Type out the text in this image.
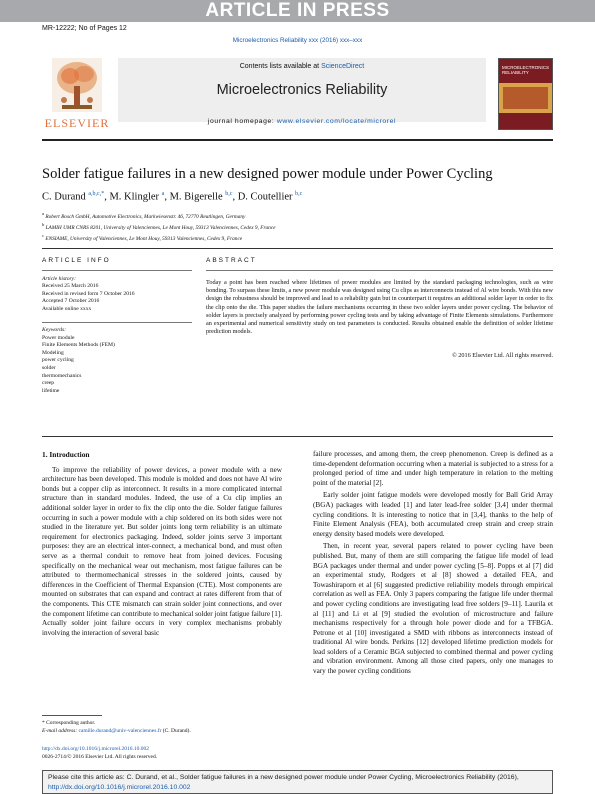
ARTICLE IN PRESS
MR-12222; No of Pages 12
Microelectronics Reliability xxx (2016) xxx–xxx
ELSEVIER
Contents lists available at ScienceDirect
Microelectronics Reliability
journal homepage: www.elsevier.com/locate/microrel
MICROELECTRONICS RELIABILITY
Solder fatigue failures in a new designed power module under Power Cycling
C. Durand $^{a,b,c,*}$, M. Klingler $^a$, M. Bigerelle $^{b,c}$, D. Coutellier $^{b,c}$
$^a$ Robert Bosch GmbH, Automotive Electronics, Markwiesenstr. 46, 72770 Reutlingen, Germany
$^b$ LAMIH UMR CNRS 8201, University of Valenciennes, Le Mont Houy, 59313 Valenciennes, Cedex 9, France
$^c$ ENSIAME, University of Valenciennes, Le Mont Houy, 59313 Valenciennes, Cedex 9, France
ARTICLE INFO	ABSTRACT
Article history:
Received 25 March 2016
Received in revised form 7 October 2016
Accepted 7 October 2016
Available online xxxx
Keywords:
Power module
Finite Elements Methods (FEM)
Modeling
power cycling
solder
thermomechanics
creep
lifetime
Today a point has been reached where lifetimes of power modules are limited by the standard packaging technologies, such as wire bonding. To surpass these limits, a new power module was designed using Cu clips as interconnects instead of Al wire bonds. With this new design the robustness should be improved and lead to a reliability gain but in counterpart it requires an additional solder layer in order to fix the clip onto the die. This paper studies the failure mechanisms occurring in these two solder layers under power cycling. The behavior of solder layers is precisely analyzed by performing power cycling tests and by taking advantage of Finite Elements simulations. Furthermore an experimental and numerical sensitivity study on test parameters is conducted. Results obtained enable the definition of solder lifetime prediction models.
© 2016 Elsevier Ltd. All rights reserved.
1. Introduction

To improve the reliability of power devices, a power module with a new architecture has been developed. This module is molded and does not have Al wire bonds but a copper clip as interconnect. It results in a more complicated internal structure than in standard modules. Indeed, the use of a Cu clip implies an additional solder layer in order to fix the clip onto the die. Solder fatigue failures occurring in such a power module with a chip soldered on its both sides were not studied in the literature yet. But solder joints long term reliability is an ultimate requirement for electronics packaging. Indeed, solder joints serve 3 important purposes: they are an electrical inter-connect, a mechanical bond, and must often serve as a thermal conduit to remove heat from joined devices. Focusing specifically on the mechanical wear out mechanism, most fatigue failures can be attributed to thermomechanical stresses in the soldered joints, caused by differences in the Coefficient of Thermal Expansion (CTE). Most components are mounted on substrates that can expand and contract at rates different from that of the components. This CTE mismatch can strain solder joint connections, and over the component lifetime can contribute to mechanical solder joint fatigue failure [1]. Actually solder joint failure occurs in very complex mechanisms probably involving the interaction of several basic

failure processes, and among them, the creep phenomenon. Creep is defined as a time-dependent deformation occurring when a material is subjected to a stress for a prolonged period of time and under high temperature in relation to the melting point of the material [2].

Early solder joint fatigue models were developed mostly for Ball Grid Array (BGA) packages with leaded [1] and later lead-free solder [3,4] under thermal cycling conditions. It is interesting to notice that in [3,4], thanks to the help of Finite Element Analysis (FEA), both accumulated creep strain and creep strain energy density based models were developed.

Then, in recent year, several papers related to power cycling have been published. But, many of them are still comparing the fatigue life model of lead BGA packages under thermal and under power cycling [5–8]. Popps et al [7] did an experimental study, Rodgers et al [8] showed a detailed FEA, and Towashiraporn et al [6] suggested predictive reliability models through empirical correlation as well as FEA. Only 3 papers comparing the fatigue life under thermal and power cycling conditions are investigating lead free solders [9–11]. Laurila et al [11] and Li et al [9] studied the evolution of microstructure and failure mechanisms respectively for a through hole power diode and for a TFBGA. Petrone et al [10] investigated a SMD with ribbons as interconnects instead of traditional Al wire bonds. Perkins [12] developed lifetime prediction models for lead solders of a Ceramic BGA subjected to combined thermal and power cycling and vibration environment. Among all those cited papers, only one manages to vary the power cycling conditions

* Corresponding author.
E-mail address: camille.durand@univ-valenciennes.fr (C. Durand).
http://dx.doi.org/10.1016/j.microrel.2016.10.002
0026-2714/© 2016 Elsevier Ltd. All rights reserved.
Please cite this article as: C. Durand, et al., Solder fatigue failures in a new designed power module under Power Cycling, Microelectronics Reliability (2016), http://dx.doi.org/10.1016/j.microrel.2016.10.002
